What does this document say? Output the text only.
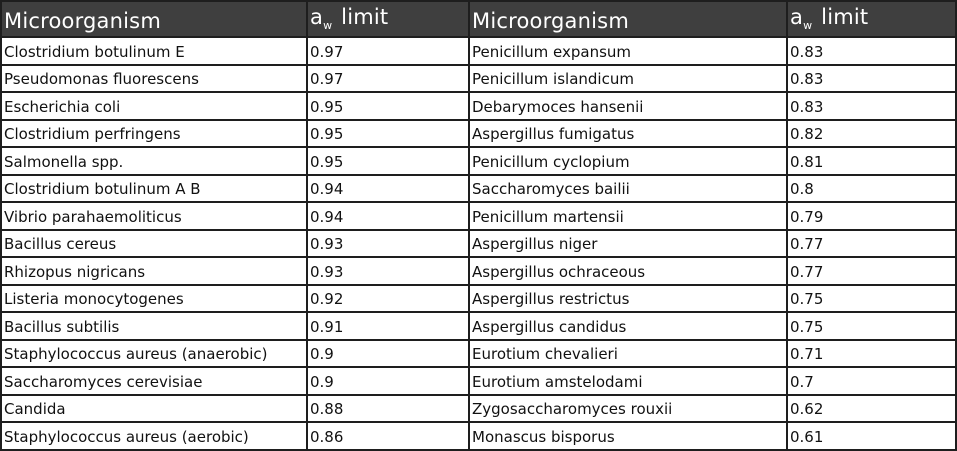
Microorganism	$a_w$ limit	Microorganism	$a_w$ limit
Clostridium botulinum E	0.97	Penicillum expansum	0.83
Pseudomonas fluorescens	0.97	Penicillum islandicum	0.83
Escherichia coli	0.95	Debarymoces hansenii	0.83
Clostridium perfringens	0.95	Aspergillus fumigatus	0.82
Salmonella spp.	0.95	Penicillum cyclopium	0.81
Clostridium botulinum A B	0.94	Saccharomyces bailii	0.8
Vibrio parahaemoliticus	0.94	Penicillum martensii	0.79
Bacillus cereus	0.93	Aspergillus niger	0.77
Rhizopus nigricans	0.93	Aspergillus ochraceous	0.77
Listeria monocytogenes	0.92	Aspergillus restrictus	0.75
Bacillus subtilis	0.91	Aspergillus candidus	0.75
Staphylococcus aureus (anaerobic)	0.9	Eurotium chevalieri	0.71
Saccharomyces cerevisiae	0.9	Eurotium amstelodami	0.7
Candida	0.88	Zygosaccharomyces rouxii	0.62
Staphylococcus aureus (aerobic)	0.86	Monascus bisporus	0.61
